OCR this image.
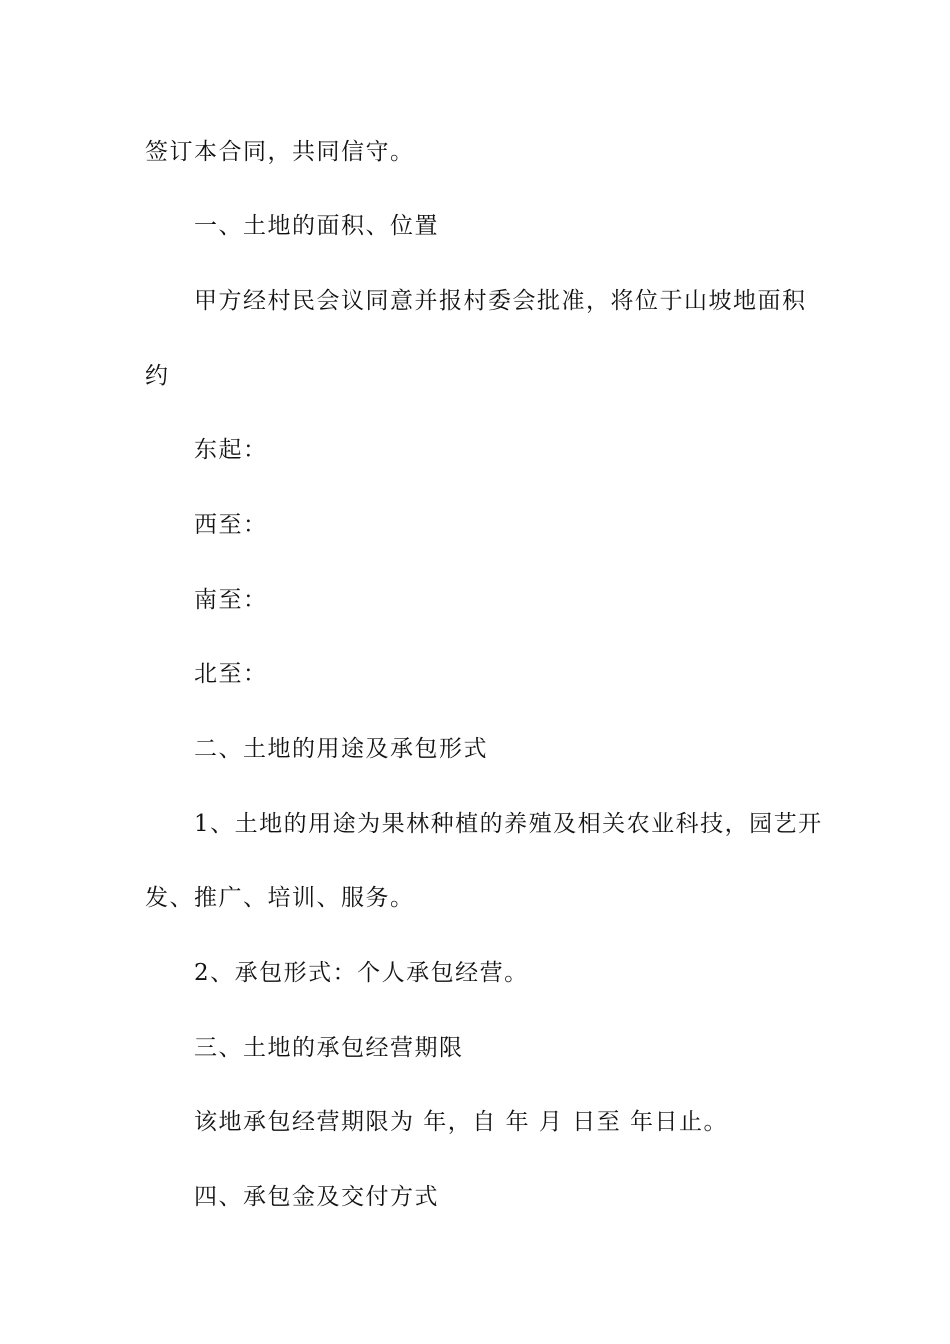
签订本合同，共同信守。

一、土地的面积、位置

甲方经村民会议同意并报村委会批准，将位于山坡地面积

约

东起：

西至：

南至：

北至：

二、土地的用途及承包形式

1、土地的用途为果林种植的养殖及相关农业科技，园艺开

发、推广、培训、服务。

2、承包形式：个人承包经营。

三、土地的承包经营期限

该地承包经营期限为 年，自 年 月 日至 年日止。

四、承包金及交付方式
